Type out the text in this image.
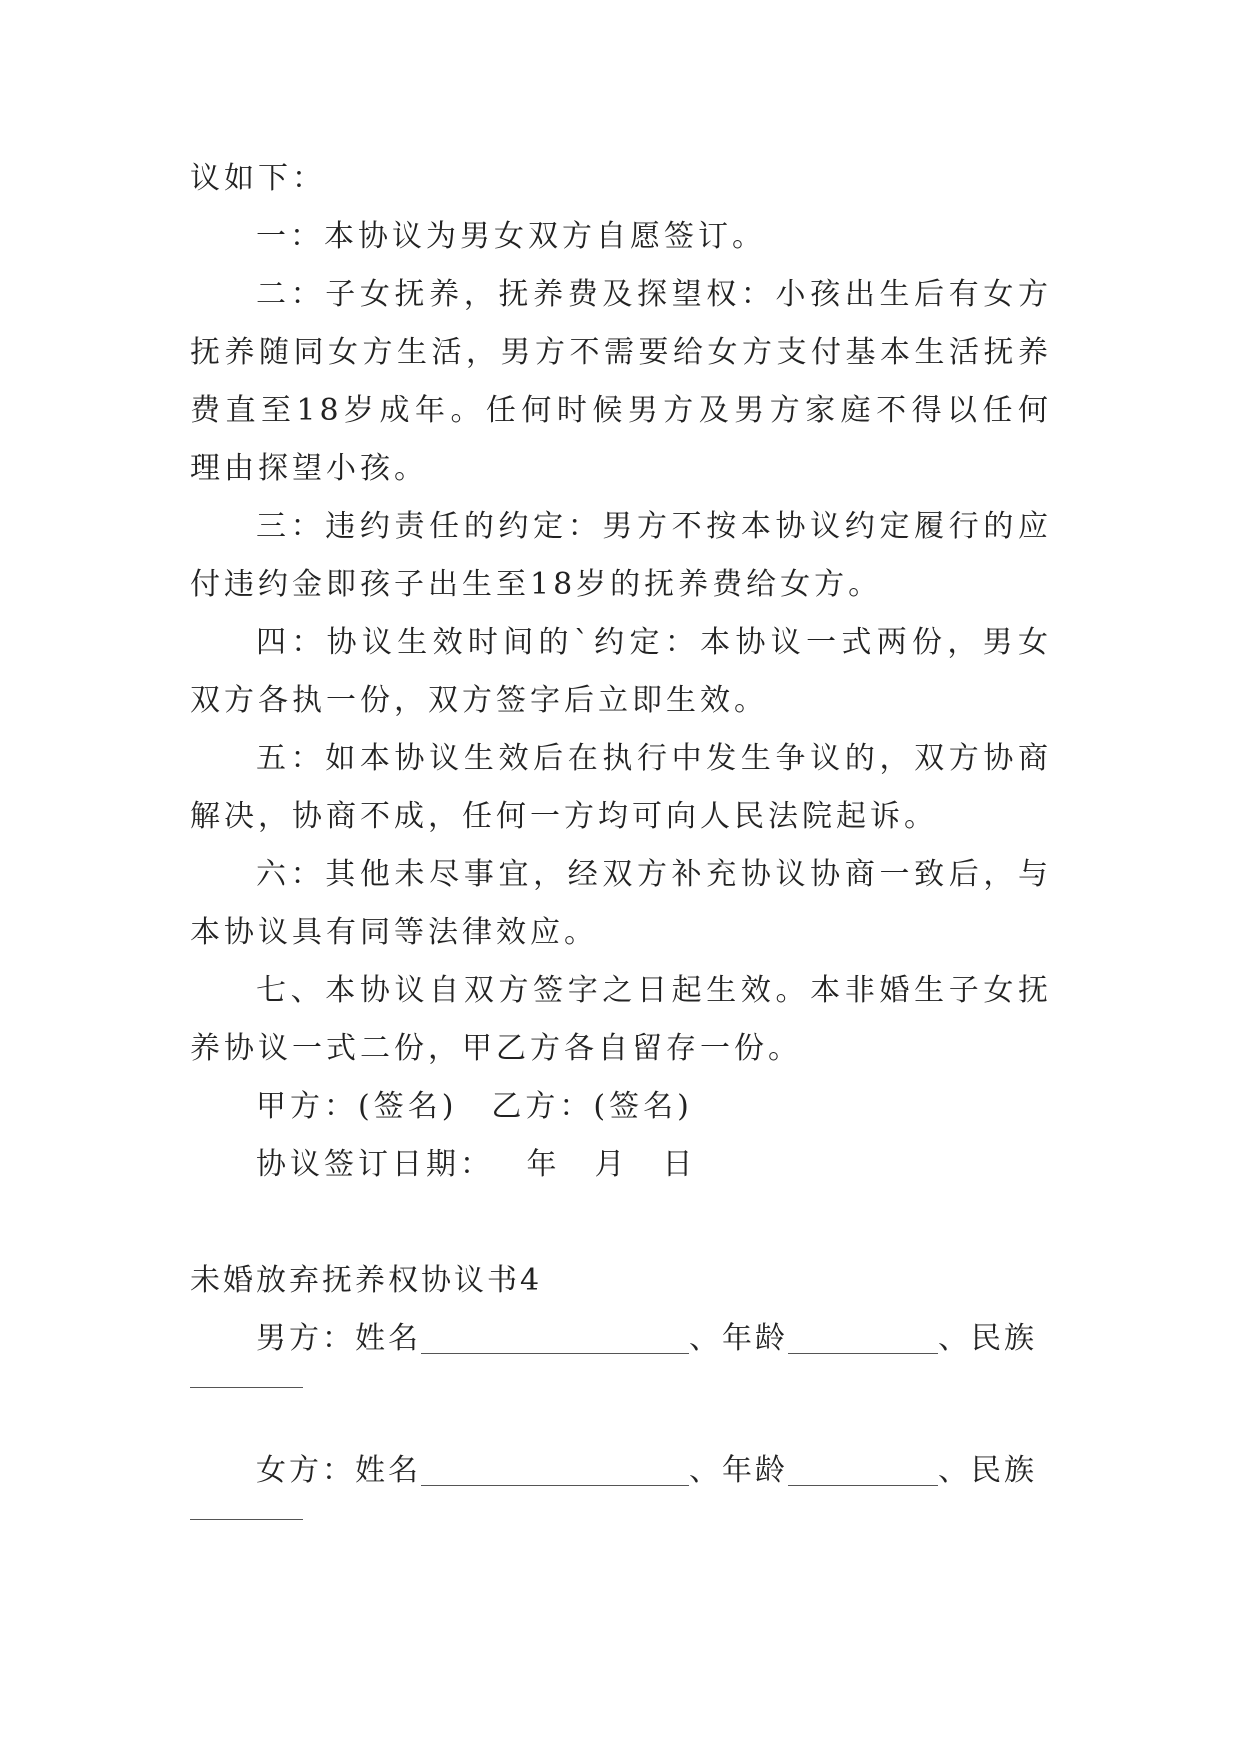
议如下：

一：本协议为男女双方自愿签订。

二：子女抚养，抚养费及探望权：小孩出生后有女方抚养随同女方生活，男方不需要给女方支付基本生活抚养费直至18岁成年。任何时候男方及男方家庭不得以任何理由探望小孩。

三：违约责任的约定：男方不按本协议约定履行的应付违约金即孩子出生至18岁的抚养费给女方。

四：协议生效时间的`约定：本协议一式两份，男女双方各执一份，双方签字后立即生效。

五：如本协议生效后在执行中发生争议的，双方协商解决，协商不成，任何一方均可向人民法院起诉。

六：其他未尽事宜，经双方补充协议协商一致后，与本协议具有同等法律效应。

七、本协议自双方签字之日起生效。本非婚生子女抚养协议一式二份，甲乙方各自留存一份。

甲方：(签名)　乙方：(签名)

协议签订日期：　 年　月　日

未婚放弃抚养权协议书4

男方：姓名	、年龄	、民族

女方：姓名	、年龄	、民族
